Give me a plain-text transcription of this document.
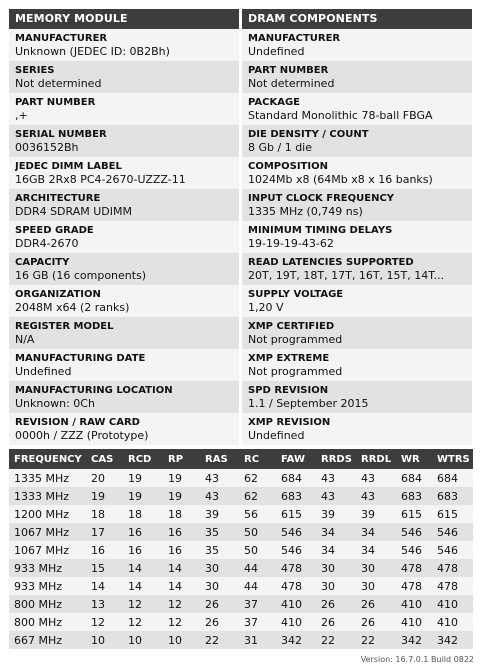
MEMORY MODULE
MANUFACTURER
Unknown (JEDEC ID: 0B2Bh)
SERIES
Not determined
PART NUMBER
,+
SERIAL NUMBER
0036152Bh
JEDEC DIMM LABEL
16GB 2Rx8 PC4-2670-UZZZ-11
ARCHITECTURE
DDR4 SDRAM UDIMM
SPEED GRADE
DDR4-2670
CAPACITY
16 GB (16 components)
ORGANIZATION
2048M x64 (2 ranks)
REGISTER MODEL
N/A
MANUFACTURING DATE
Undefined
MANUFACTURING LOCATION
Unknown: 0Ch
REVISION / RAW CARD
0000h / ZZZ (Prototype)
DRAM COMPONENTS
MANUFACTURER
Undefined
PART NUMBER
Not determined
PACKAGE
Standard Monolithic 78-ball FBGA
DIE DENSITY / COUNT
8 Gb / 1 die
COMPOSITION
1024Mb x8 (64Mb x8 x 16 banks)
INPUT CLOCK FREQUENCY
1335 MHz (0,749 ns)
MINIMUM TIMING DELAYS
19-19-19-43-62
READ LATENCIES SUPPORTED
20T, 19T, 18T, 17T, 16T, 15T, 14T...
SUPPLY VOLTAGE
1,20 V
XMP CERTIFIED
Not programmed
XMP EXTREME
Not programmed
SPD REVISION
1.1 / September 2015
XMP REVISION
Undefined
FREQUENCY	CAS	RCD	RP	RAS	RC	FAW	RRDS	RRDL	WR	WTRS
1335 MHz	20	19	19	43	62	684	43	43	684	684
1333 MHz	19	19	19	43	62	683	43	43	683	683
1200 MHz	18	18	18	39	56	615	39	39	615	615
1067 MHz	17	16	16	35	50	546	34	34	546	546
1067 MHz	16	16	16	35	50	546	34	34	546	546
933 MHz	15	14	14	30	44	478	30	30	478	478
933 MHz	14	14	14	30	44	478	30	30	478	478
800 MHz	13	12	12	26	37	410	26	26	410	410
800 MHz	12	12	12	26	37	410	26	26	410	410
667 MHz	10	10	10	22	31	342	22	22	342	342
Version: 16.7.0.1 Build 0822
